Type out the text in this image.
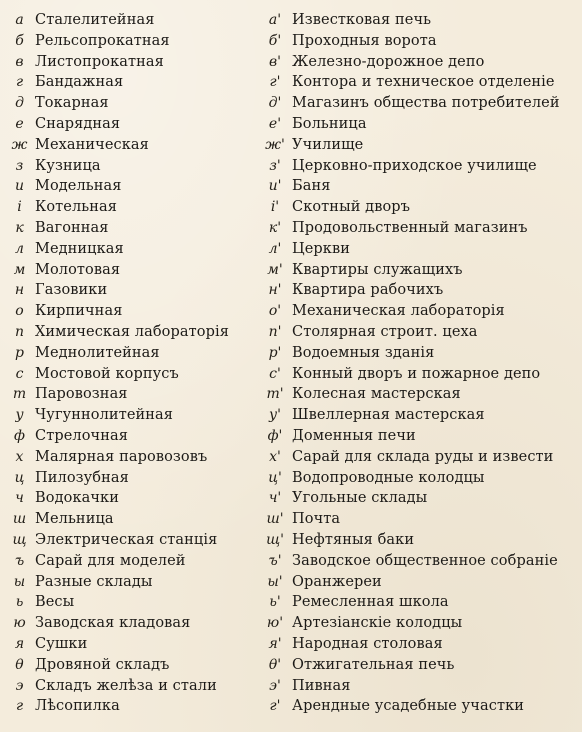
а Сталелитейная
б Рельсопрокатная
в Листопрокатная
г Бандажная
д Токарная
е Снарядная
ж Механическая
з Кузница
и Модельная
і Котельная
к Вагонная
л Медницкая
м Молотовая
н Газовики
о Кирпичная
п Химическая лабораторія
р Меднолитейная
с Мостовой корпусъ
т Паровозная
у Чугуннолитейная
ф Стрелочная
х Малярная паровозовъ
ц Пилозубная
ч Водокачки
ш Мельница
щ Электрическая станція
ъ Сарай для моделей
ы Разные склады
ь Весы
ю Заводская кладовая
я Сушки
θ Дровяной складъ
э Складъ желѣза и стали
г Лѣсопилка
а' Известковая печь
б' Проходныя ворота
в' Железно-дорожное депо
г' Контора и техническое отделеніе
д' Магазинъ общества потребителей
е' Больница
ж' Училище
з' Церковно-приходское училище
и' Баня
і' Скотный дворъ
к' Продовольственный магазинъ
л' Церкви
м' Квартиры служащихъ
н' Квартира рабочихъ
о' Механическая лабораторія
п' Столярная строит. цеха
р' Водоемныя зданія
с' Конный дворъ и пожарное депо
т' Колесная мастерская
у' Швеллерная мастерская
ф' Доменныя печи
х' Сарай для склада руды и извести
ц' Водопроводные колодцы
ч' Угольные склады
ш' Почта
щ' Нефтяныя баки
ъ' Заводское общественное собраніе
ы' Оранжереи
ь' Ремесленная школа
ю' Артезіанскіе колодцы
я' Народная столовая
θ' Отжигательная печь
э' Пивная
г' Арендные усадебные участки
